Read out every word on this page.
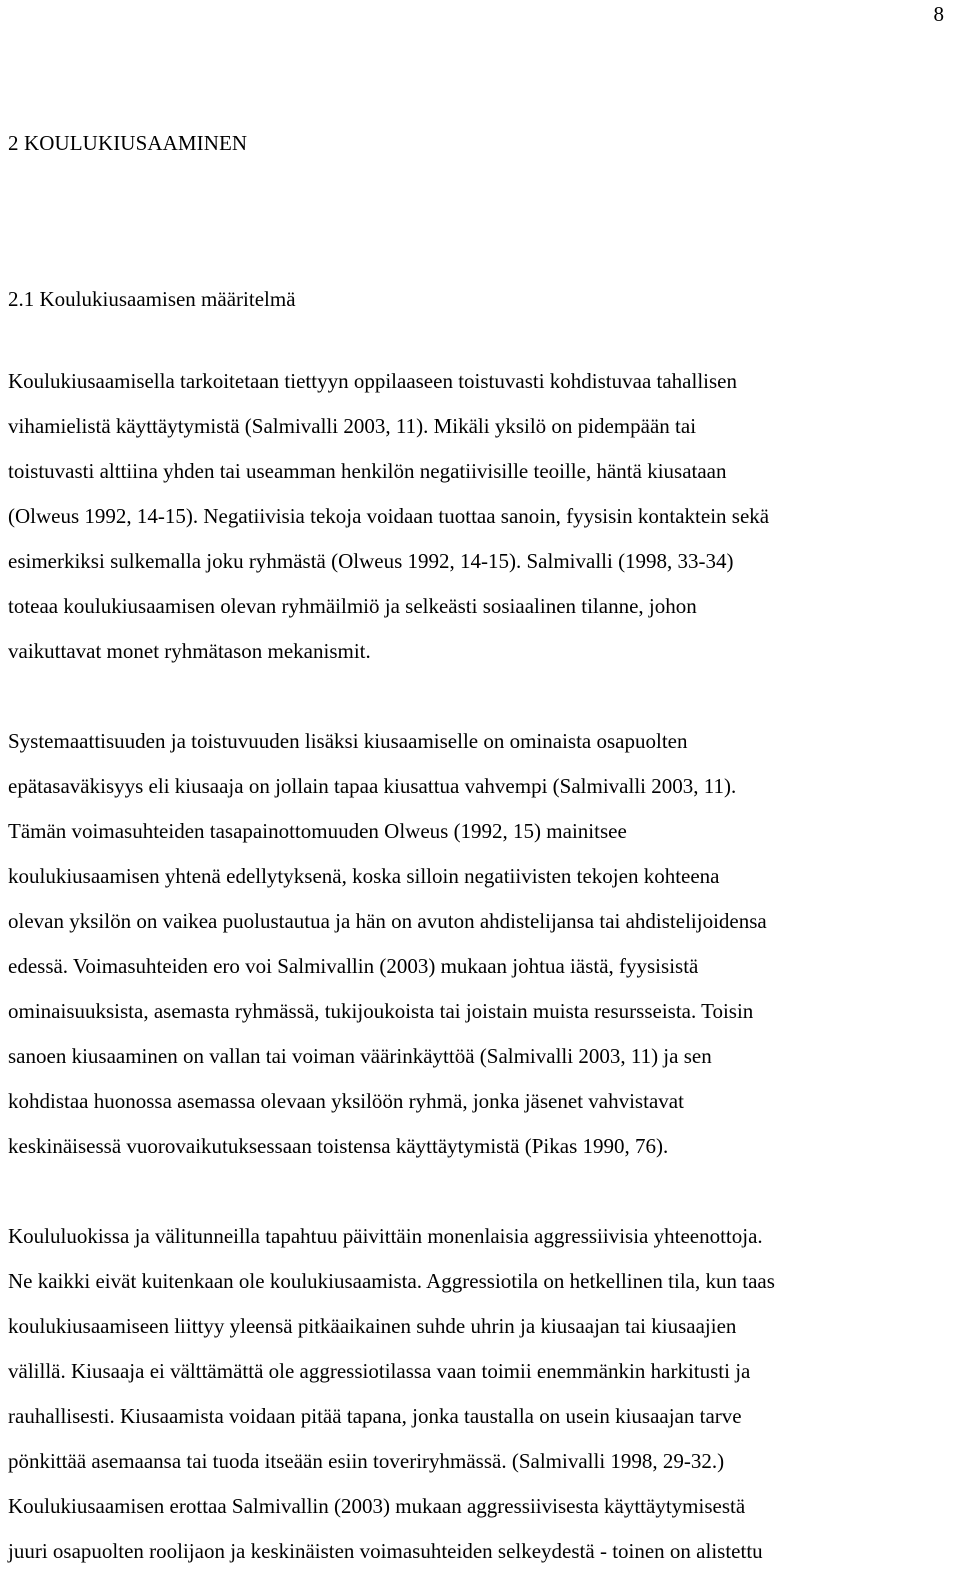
8
2 KOULUKIUSAAMINEN
2.1 Koulukiusaamisen määritelmä
Koulukiusaamisella tarkoitetaan tiettyyn oppilaaseen toistuvasti kohdistuvaa tahallisen
vihamielistä käyttäytymistä (Salmivalli 2003, 11). Mikäli yksilö on pidempään tai
toistuvasti alttiina yhden tai useamman henkilön negatiivisille teoille, häntä kiusataan
(Olweus 1992, 14-15). Negatiivisia tekoja voidaan tuottaa sanoin, fyysisin kontaktein sekä
esimerkiksi sulkemalla joku ryhmästä (Olweus 1992, 14-15). Salmivalli (1998, 33-34)
toteaa koulukiusaamisen olevan ryhmäilmiö ja selkeästi sosiaalinen tilanne, johon
vaikuttavat monet ryhmätason mekanismit.
Systemaattisuuden ja toistuvuuden lisäksi kiusaamiselle on ominaista osapuolten
epätasaväkisyys eli kiusaaja on jollain tapaa kiusattua vahvempi (Salmivalli 2003, 11).
Tämän voimasuhteiden tasapainottomuuden Olweus (1992, 15) mainitsee
koulukiusaamisen yhtenä edellytyksenä, koska silloin negatiivisten tekojen kohteena
olevan yksilön on vaikea puolustautua ja hän on avuton ahdistelijansa tai ahdistelijoidensa
edessä. Voimasuhteiden ero voi Salmivallin (2003) mukaan johtua iästä, fyysisistä
ominaisuuksista, asemasta ryhmässä, tukijoukoista tai joistain muista resursseista. Toisin
sanoen kiusaaminen on vallan tai voiman väärinkäyttöä (Salmivalli 2003, 11) ja sen
kohdistaa huonossa asemassa olevaan yksilöön ryhmä, jonka jäsenet vahvistavat
keskinäisessä vuorovaikutuksessaan toistensa käyttäytymistä (Pikas 1990, 76).
Koululuokissa ja välitunneilla tapahtuu päivittäin monenlaisia aggressiivisia yhteenottoja.
Ne kaikki eivät kuitenkaan ole koulukiusaamista. Aggressiotila on hetkellinen tila, kun taas
koulukiusaamiseen liittyy yleensä pitkäaikainen suhde uhrin ja kiusaajan tai kiusaajien
välillä. Kiusaaja ei välttämättä ole aggressiotilassa vaan toimii enemmänkin harkitusti ja
rauhallisesti. Kiusaamista voidaan pitää tapana, jonka taustalla on usein kiusaajan tarve
pönkittää asemaansa tai tuoda itseään esiin toveriryhmässä. (Salmivalli 1998, 29-32.)
Koulukiusaamisen erottaa Salmivallin (2003) mukaan aggressiivisesta käyttäytymisestä
juuri osapuolten roolijaon ja keskinäisten voimasuhteiden selkeydestä - toinen on alistettu
